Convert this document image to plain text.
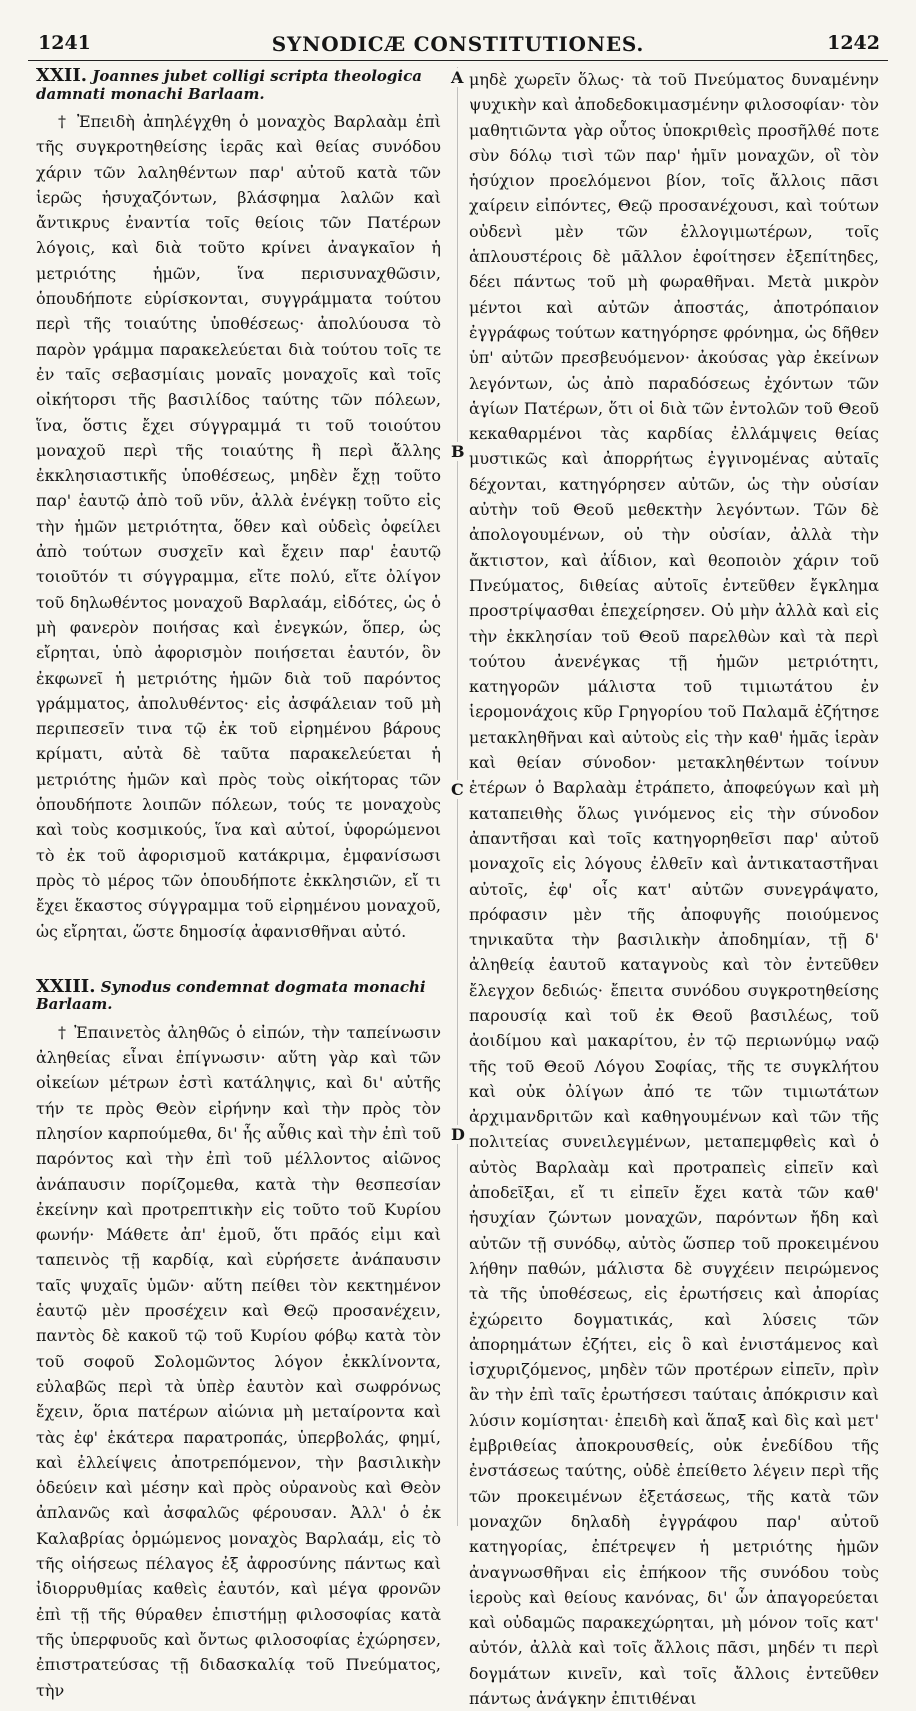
1241	SYNODICÆ CONSTITUTIONES.	1242
A
B
C
D
XXII. Joannes jubet colligi scripta theologica damnati monachi Barlaam.

† Ἐπειδὴ ἀπηλέγχθη ὁ μοναχὸς Βαρλαὰμ ἐπὶ τῆς συγκροτηθείσης ἱερᾶς καὶ θείας συνόδου χάριν τῶν λαληθέντων παρ' αὐτοῦ κατὰ τῶν ἱερῶς ἡσυχαζόντων, βλάσφημα λαλῶν καὶ ἄντικρυς ἐναντία τοῖς θείοις τῶν Πατέρων λόγοις, καὶ διὰ τοῦτο κρίνει ἀναγκαῖον ἡ μετριότης ἡμῶν, ἵνα περισυναχθῶσιν, ὁπουδήποτε εὑρίσκονται, συγγράμματα τούτου περὶ τῆς τοιαύτης ὑποθέσεως· ἀπολύουσα τὸ παρὸν γράμμα παρακελεύεται διὰ τούτου τοῖς τε ἐν ταῖς σεβασμίαις μοναῖς μοναχοῖς καὶ τοῖς οἰκήτορσι τῆς βασιλίδος ταύτης τῶν πόλεων, ἵνα, ὅστις ἔχει σύγγραμμά τι τοῦ τοιούτου μοναχοῦ περὶ τῆς τοιαύτης ἢ περὶ ἄλλης ἐκκλησιαστικῆς ὑποθέσεως, μηδὲν ἔχῃ τοῦτο παρ' ἑαυτῷ ἀπὸ τοῦ νῦν, ἀλλὰ ἐνέγκῃ τοῦτο εἰς τὴν ἡμῶν μετριότητα, ὅθεν καὶ οὐδεὶς ὀφείλει ἀπὸ τούτων συσχεῖν καὶ ἔχειν παρ' ἑαυτῷ τοιοῦτόν τι σύγγραμμα, εἴτε πολύ, εἴτε ὀλίγον τοῦ δηλωθέντος μοναχοῦ Βαρλαάμ, εἰδότες, ὡς ὁ μὴ φανερὸν ποιήσας καὶ ἐνεγκών, ὅπερ, ὡς εἴρηται, ὑπὸ ἀφορισμὸν ποιήσεται ἑαυτόν, ὃν ἐκφωνεῖ ἡ μετριότης ἡμῶν διὰ τοῦ παρόντος γράμματος, ἀπολυθέντος· εἰς ἀσφάλειαν τοῦ μὴ περιπεσεῖν τινα τῷ ἐκ τοῦ εἰρημένου βάρους κρίματι, αὐτὰ δὲ ταῦτα παρακελεύεται ἡ μετριότης ἡμῶν καὶ πρὸς τοὺς οἰκήτορας τῶν ὁπουδήποτε λοιπῶν πόλεων, τούς τε μοναχοὺς καὶ τοὺς κοσμικούς, ἵνα καὶ αὐτοί, ὑφορώμενοι τὸ ἐκ τοῦ ἀφορισμοῦ κατάκριμα, ἐμφανίσωσι πρὸς τὸ μέρος τῶν ὁπουδήποτε ἐκκλησιῶν, εἴ τι ἔχει ἕκαστος σύγγραμμα τοῦ εἰρημένου μοναχοῦ, ὡς εἴρηται, ὥστε δημοσίᾳ ἀφανισθῆναι αὐτό.

XXIII. Synodus condemnat dogmata monachi Barlaam.

† Ἐπαινετὸς ἀληθῶς ὁ εἰπών, τὴν ταπείνωσιν ἀληθείας εἶναι ἐπίγνωσιν· αὕτη γὰρ καὶ τῶν οἰκείων μέτρων ἐστὶ κατάληψις, καὶ δι' αὐτῆς τήν τε πρὸς Θεὸν εἰρήνην καὶ τὴν πρὸς τὸν πλησίον καρπούμεθα, δι' ἧς αὖθις καὶ τὴν ἐπὶ τοῦ παρόντος καὶ τὴν ἐπὶ τοῦ μέλλοντος αἰῶνος ἀνάπαυσιν πορίζομεθα, κατὰ τὴν θεσπεσίαν ἐκείνην καὶ προτρεπτικὴν εἰς τοῦτο τοῦ Κυρίου φωνήν· Μάθετε ἀπ' ἐμοῦ, ὅτι πρᾶός εἰμι καὶ ταπεινὸς τῇ καρδίᾳ, καὶ εὑρήσετε ἀνάπαυσιν ταῖς ψυχαῖς ὑμῶν· αὕτη πείθει τὸν κεκτημένον ἑαυτῷ μὲν προσέχειν καὶ Θεῷ προσανέχειν, παντὸς δὲ κακοῦ τῷ τοῦ Κυρίου φόβῳ κατὰ τὸν τοῦ σοφοῦ Σολομῶντος λόγον ἐκκλίνοντα, εὐλαβῶς περὶ τὰ ὑπὲρ ἑαυτὸν καὶ σωφρόνως ἔχειν, ὅρια πατέρων αἰώνια μὴ μεταίροντα καὶ τὰς ἐφ' ἑκάτερα παρατροπάς, ὑπερβολάς, φημί, καὶ ἐλλείψεις ἀποτρεπόμενον, τὴν βασιλικὴν ὁδεύειν καὶ μέσην καὶ πρὸς οὐρανοὺς καὶ Θεὸν ἀπλανῶς καὶ ἀσφαλῶς φέρουσαν. Ἀλλ' ὁ ἐκ Καλαβρίας ὁρμώμενος μοναχὸς Βαρλαάμ, εἰς τὸ τῆς οἰήσεως πέλαγος ἐξ ἀφροσύνης πάντως καὶ ἰδιορρυθμίας καθεὶς ἑαυτόν, καὶ μέγα φρονῶν ἐπὶ τῇ τῆς θύραθεν ἐπιστήμῃ φιλοσοφίας κατὰ τῆς ὑπερφυοῦς καὶ ὄντως φιλοσοφίας ἐχώρησεν, ἐπιστρατεύσας τῇ διδασκαλίᾳ τοῦ Πνεύματος, τὴν

μηδὲ χωρεῖν ὅλως· τὰ τοῦ Πνεύματος δυναμένην ψυχικὴν καὶ ἀποδεδοκιμασμένην φιλοσοφίαν· τὸν μαθητιῶντα γὰρ οὗτος ὑποκριθεὶς προσῆλθέ ποτε σὺν δόλῳ τισὶ τῶν παρ' ἡμῖν μοναχῶν, οἳ τὸν ἡσύχιον προελόμενοι βίον, τοῖς ἄλλοις πᾶσι χαίρειν εἰπόντες, Θεῷ προσανέχουσι, καὶ τούτων οὐδενὶ μὲν τῶν ἐλλογιμωτέρων, τοῖς ἁπλουστέροις δὲ μᾶλλον ἐφοίτησεν ἐξεπίτηδες, δέει πάντως τοῦ μὴ φωραθῆναι. Μετὰ μικρὸν μέντοι καὶ αὐτῶν ἀποστάς, ἀποτρόπαιον ἐγγράφως τούτων κατηγόρησε φρόνημα, ὡς δῆθεν ὑπ' αὐτῶν πρεσβευόμενον· ἀκούσας γὰρ ἐκείνων λεγόντων, ὡς ἀπὸ παραδόσεως ἐχόντων τῶν ἁγίων Πατέρων, ὅτι οἱ διὰ τῶν ἐντολῶν τοῦ Θεοῦ κεκαθαρμένοι τὰς καρδίας ἐλλάμψεις θείας μυστικῶς καὶ ἀπορρήτως ἐγγινομένας αὐταῖς δέχονται, κατηγόρησεν αὐτῶν, ὡς τὴν οὐσίαν αὐτὴν τοῦ Θεοῦ μεθεκτὴν λεγόντων. Τῶν δὲ ἀπολογουμένων, οὐ τὴν οὐσίαν, ἀλλὰ τὴν ἄκτιστον, καὶ ἀΐδιον, καὶ θεοποιὸν χάριν τοῦ Πνεύματος, διθείας αὐτοῖς ἐντεῦθεν ἔγκλημα προστρίψασθαι ἐπεχείρησεν. Οὐ μὴν ἀλλὰ καὶ εἰς τὴν ἐκκλησίαν τοῦ Θεοῦ παρελθὼν καὶ τὰ περὶ τούτου ἀνενέγκας τῇ ἡμῶν μετριότητι, κατηγορῶν μάλιστα τοῦ τιμιωτάτου ἐν ἱερομονάχοις κῦρ Γρηγορίου τοῦ Παλαμᾶ ἐζήτησε μετακληθῆναι καὶ αὐτοὺς εἰς τὴν καθ' ἡμᾶς ἱερὰν καὶ θείαν σύνοδον· μετακληθέντων τοίνυν ἑτέρων ὁ Βαρλαὰμ ἐτράπετο, ἀποφεύγων καὶ μὴ καταπειθὴς ὅλως γινόμενος εἰς τὴν σύνοδον ἀπαντῆσαι καὶ τοῖς κατηγορηθεῖσι παρ' αὐτοῦ μοναχοῖς εἰς λόγους ἐλθεῖν καὶ ἀντικαταστῆναι αὐτοῖς, ἐφ' οἷς κατ' αὐτῶν συνεγράψατο, πρόφασιν μὲν τῆς ἀποφυγῆς ποιούμενος τηνικαῦτα τὴν βασιλικὴν ἀποδημίαν, τῇ δ' ἀληθείᾳ ἑαυτοῦ καταγνοὺς καὶ τὸν ἐντεῦθεν ἔλεγχον δεδιώς· ἔπειτα συνόδου συγκροτηθείσης παρουσίᾳ καὶ τοῦ ἐκ Θεοῦ βασιλέως, τοῦ ἀοιδίμου καὶ μακαρίτου, ἐν τῷ περιωνύμῳ ναῷ τῆς τοῦ Θεοῦ Λόγου Σοφίας, τῆς τε συγκλήτου καὶ οὐκ ὀλίγων ἀπό τε τῶν τιμιωτάτων ἀρχιμανδριτῶν καὶ καθηγουμένων καὶ τῶν τῆς πολιτείας συνειλεγμένων, μεταπεμφθεὶς καὶ ὁ αὐτὸς Βαρλαὰμ καὶ προτραπεὶς εἰπεῖν καὶ ἀποδεῖξαι, εἴ τι εἰπεῖν ἔχει κατὰ τῶν καθ' ἡσυχίαν ζώντων μοναχῶν, παρόντων ἤδη καὶ αὐτῶν τῇ συνόδῳ, αὐτὸς ὥσπερ τοῦ προκειμένου λήθην παθών, μάλιστα δὲ συγχέειν πειρώμενος τὰ τῆς ὑποθέσεως, εἰς ἐρωτήσεις καὶ ἀπορίας ἐχώρειτο δογματικάς, καὶ λύσεις τῶν ἀπορημάτων ἐζήτει, εἰς ὃ καὶ ἐνιστάμενος καὶ ἰσχυριζόμενος, μηδὲν τῶν προτέρων εἰπεῖν, πρὶν ἂν τὴν ἐπὶ ταῖς ἐρωτήσεσι ταύταις ἀπόκρισιν καὶ λύσιν κομίσηται· ἐπειδὴ καὶ ἅπαξ καὶ δὶς καὶ μετ' ἐμβριθείας ἀποκρουσθείς, οὐκ ἐνεδίδου τῆς ἐνστάσεως ταύτης, οὐδὲ ἐπείθετο λέγειν περὶ τῆς τῶν προκειμένων ἐξετάσεως, τῆς κατὰ τῶν μοναχῶν δηλαδὴ ἐγγράφου παρ' αὐτοῦ κατηγορίας, ἐπέτρεψεν ἡ μετριότης ἡμῶν ἀναγνωσθῆναι εἰς ἐπήκοον τῆς συνόδου τοὺς ἱεροὺς καὶ θείους κανόνας, δι' ὧν ἀπαγορεύεται καὶ οὐδαμῶς παρακεχώρηται, μὴ μόνον τοῖς κατ' αὐτόν, ἀλλὰ καὶ τοῖς ἄλλοις πᾶσι, μηδέν τι περὶ δογμάτων κινεῖν, καὶ τοῖς ἄλλοις ἐντεῦθεν πάντως ἀνάγκην ἐπιτιθέναι
